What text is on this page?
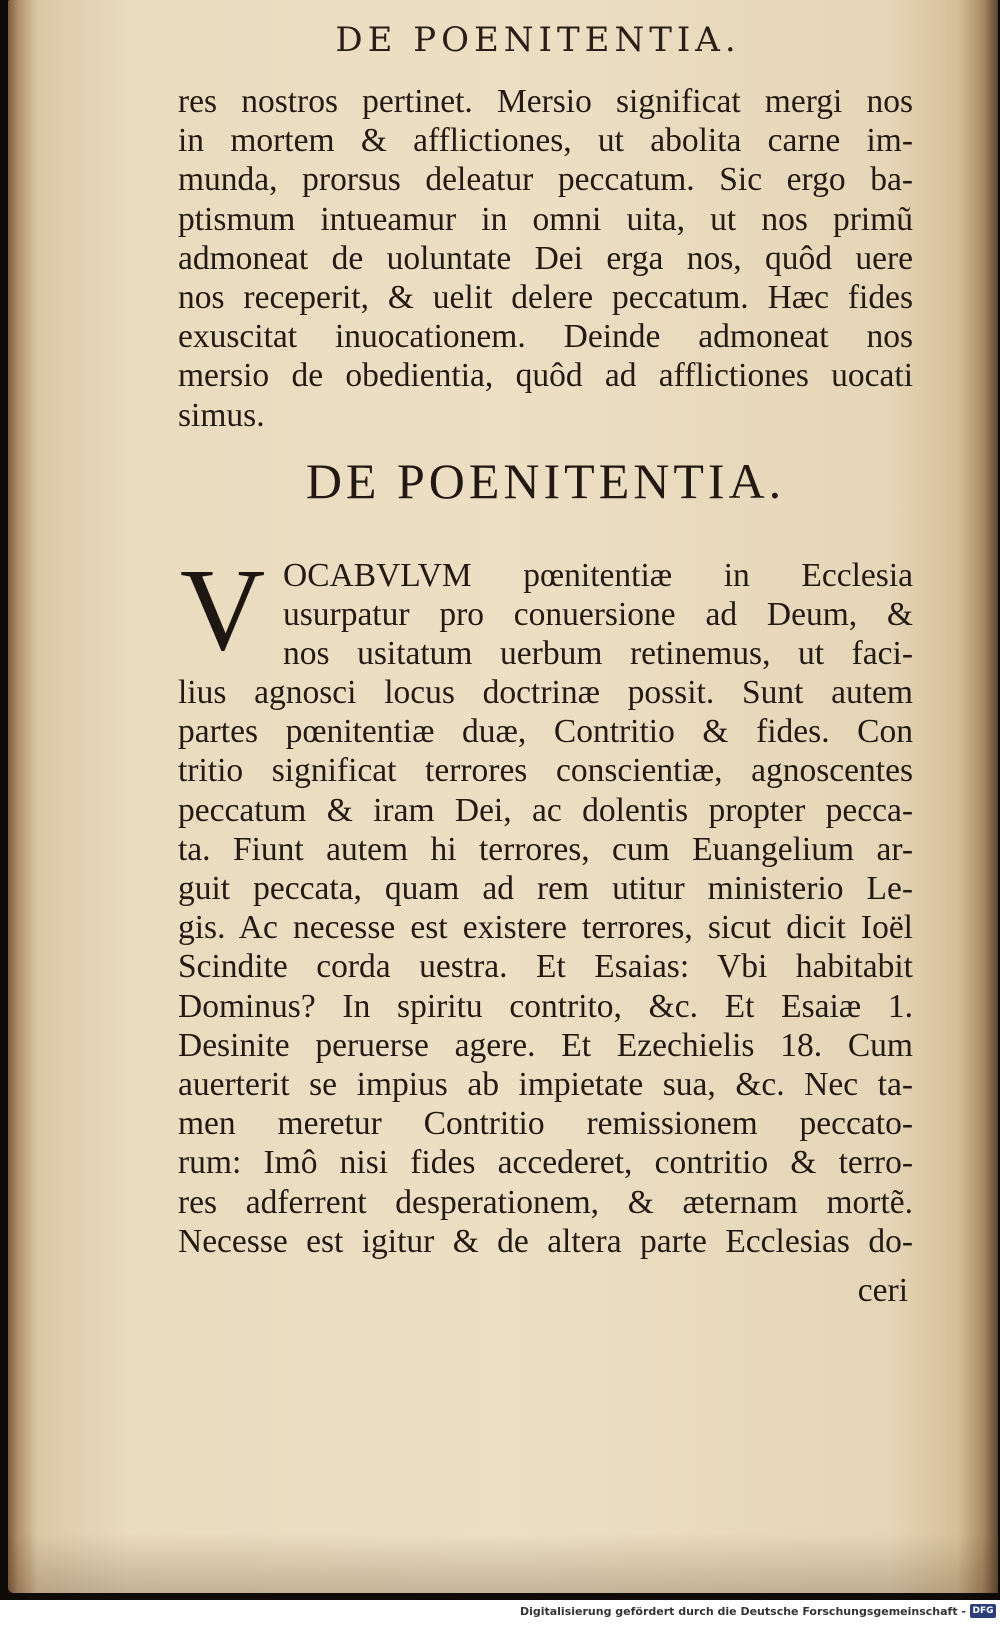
DE POENITENTIA.
res nostros pertinet. Mersio significat mergi nos
in mortem & afflictiones, ut abolita carne im-
munda, prorsus deleatur peccatum. Sic ergo ba-
ptismum intueamur in omni uita, ut nos primũ
admoneat de uoluntate Dei erga nos, quôd uere
nos receperit, & uelit delere peccatum. Hæc fides
exuscitat inuocationem. Deinde admoneat nos
mersio de obedientia, quôd ad afflictiones uocati
simus.
DE POENITENTIA.
V OCABVLVM pœnitentiæ in Ecclesia
usurpatur pro conuersione ad Deum, &
nos usitatum uerbum retinemus, ut faci-
lius agnosci locus doctrinæ possit. Sunt autem
partes pœnitentiæ duæ, Contritio & fides. Con
tritio significat terrores conscientiæ, agnoscentes
peccatum & iram Dei, ac dolentis propter pecca-
ta. Fiunt autem hi terrores, cum Euangelium ar-
guit peccata, quam ad rem utitur ministerio Le-
gis. Ac necesse est existere terrores, sicut dicit Ioël
Scindite corda uestra. Et Esaias: Vbi habitabit
Dominus? In spiritu contrito, &c. Et Esaiæ 1.
Desinite peruerse agere. Et Ezechielis 18. Cum
auerterit se impius ab impietate sua, &c. Nec ta-
men meretur Contritio remissionem peccato-
rum: Imô nisi fides accederet, contritio & terro-
res adferrent desperationem, & æternam mortẽ.
Necesse est igitur & de altera parte Ecclesias do-
ceri
Digitalisierung gefördert durch die Deutsche Forschungsgemeinschaft - DFG
